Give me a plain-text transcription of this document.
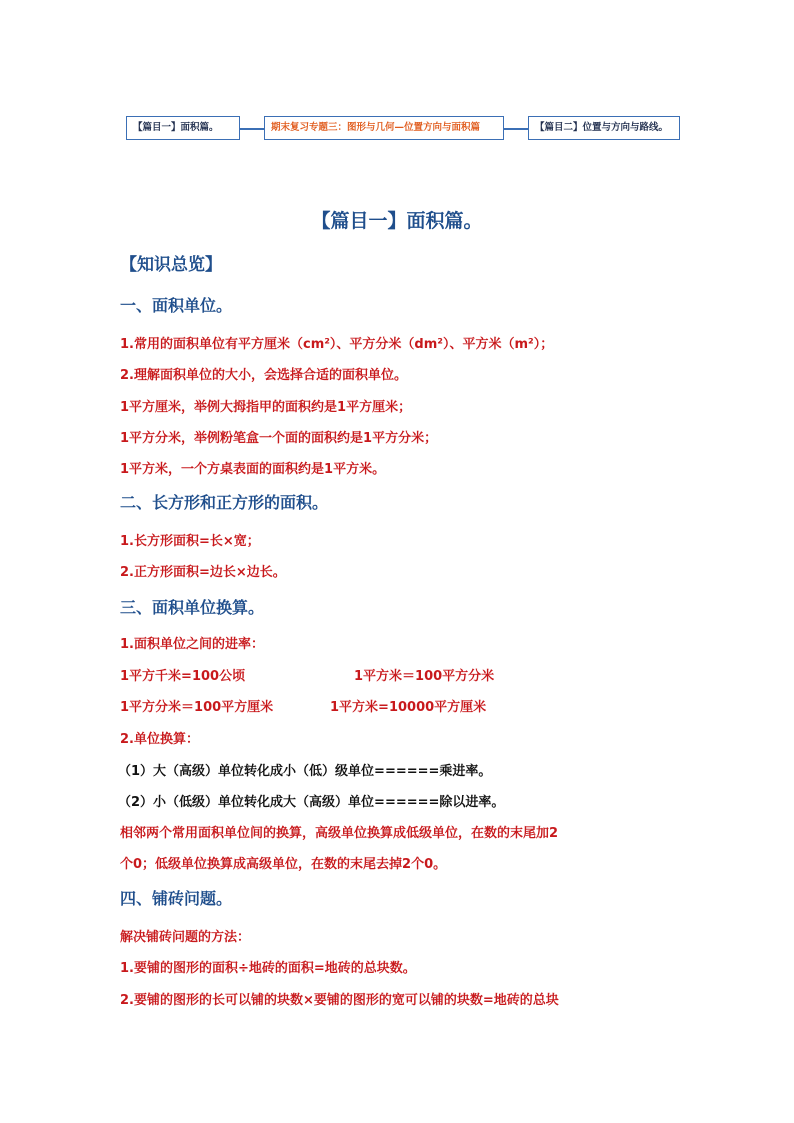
【篇目一】面积篇。	期末复习专题三：图形与几何—位置方向与面积篇	【篇目二】位置与方向与路线。
【篇目一】面积篇。
【知识总览】
一、面积单位。
1.常用的面积单位有平方厘米（cm²）、平方分米（dm²）、平方米（m²）；
2.理解面积单位的大小，会选择合适的面积单位。
1平方厘米，举例大拇指甲的面积约是1平方厘米；
1平方分米，举例粉笔盒一个面的面积约是1平方分米；
1平方米，一个方桌表面的面积约是1平方米。
二、长方形和正方形的面积。
1.长方形面积=长×宽；
2.正方形面积=边长×边长。
三、面积单位换算。
1.面积单位之间的进率：
1平方千米=100公顷	1平方米＝100平方分米
1平方分米＝100平方厘米	1平方米=10000平方厘米
2.单位换算：
（1）大（高级）单位转化成小（低）级单位======乘进率。
（2）小（低级）单位转化成大（高级）单位======除以进率。
相邻两个常用面积单位间的换算，高级单位换算成低级单位，在数的末尾加2
个0；低级单位换算成高级单位，在数的末尾去掉2个0。
四、铺砖问题。
解决铺砖问题的方法：
1.要铺的图形的面积÷地砖的面积=地砖的总块数。
2.要铺的图形的长可以铺的块数×要铺的图形的宽可以铺的块数=地砖的总块
